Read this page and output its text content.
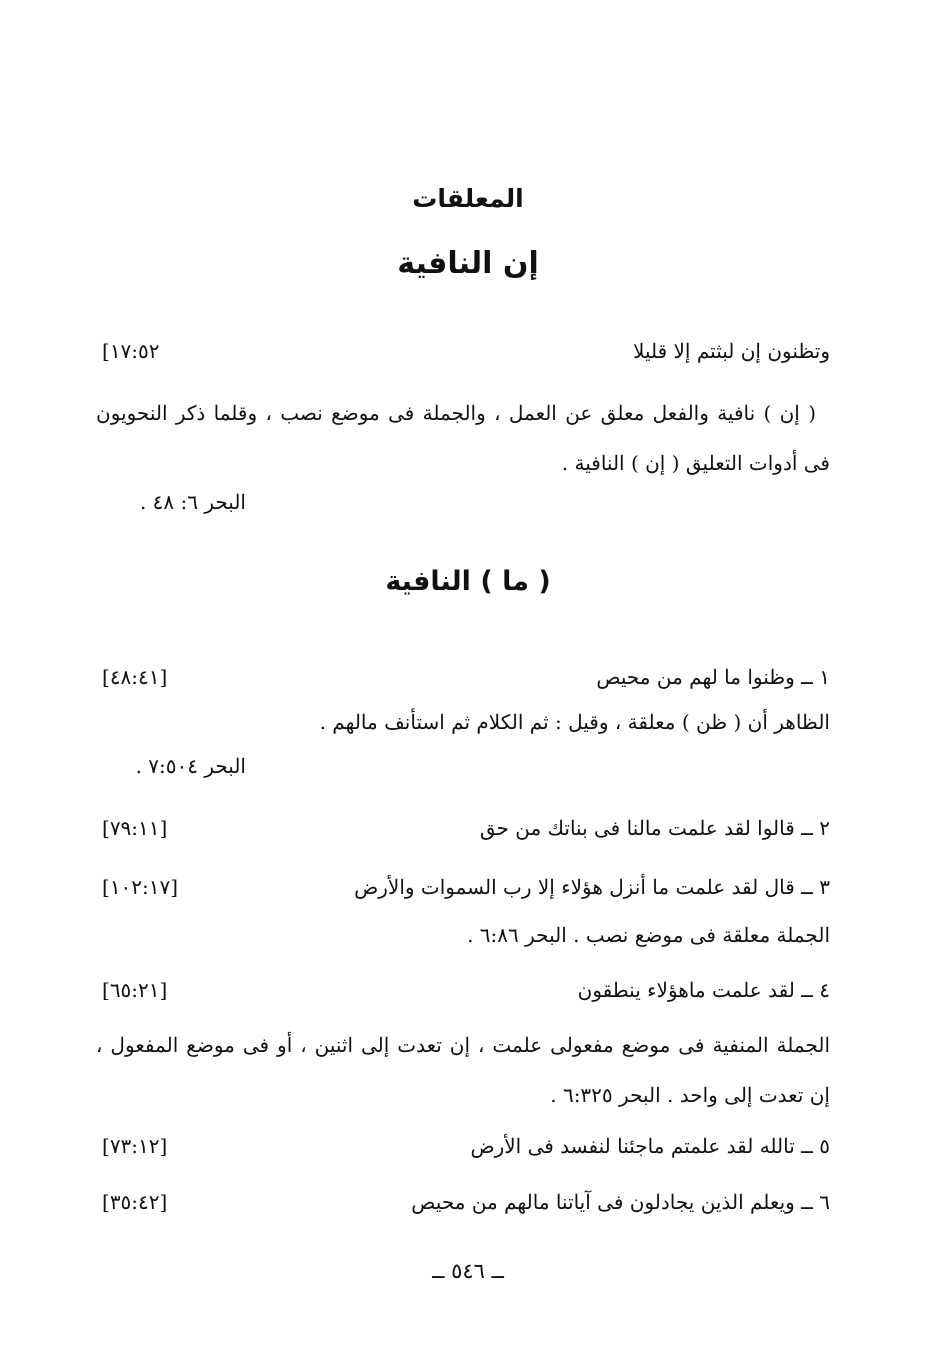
المعلقات
إن النافية
وتظنون إن لبثتم إلا قليلا
[١٧:٥٢
( إن ) نافية والفعل معلق عن العمل ، والجملة فى موضع نصب ، وقلما ذكر النحويون فى أدوات التعليق ( إن ) النافية .
البحر ٦: ٤٨ .
( ما ) النافية
١ ــ وظنوا ما لهم من محيص
[٤٨:٤١]
الظاهر أن ( ظن ) معلقة ، وقيل : ثم الكلام ثم استأنف مالهم .
البحر ٧:٥٠٤ .
٢ ــ قالوا لقد علمت مالنا فى بناتك من حق
[٧٩:١١]
٣ ــ قال لقد علمت ما أنزل هؤلاء إلا رب السموات والأرض
[١٠٢:١٧]
الجملة معلقة فى موضع نصب . البحر ٦:٨٦ .
٤ ــ لقد علمت ماهؤلاء ينطقون
[٦٥:٢١]
الجملة المنفية فى موضع مفعولى علمت ، إن تعدت إلى اثنين ، أو فى موضع المفعول ، إن تعدت إلى واحد . البحر ٦:٣٢٥ .
٥ ــ تالله لقد علمتم ماجئنا لنفسد فى الأرض
[٧٣:١٢]
٦ ــ ويعلم الذين يجادلون فى آياتنا مالهم من محيص
[٣٥:٤٢]
ــ ٥٤٦ ــ
